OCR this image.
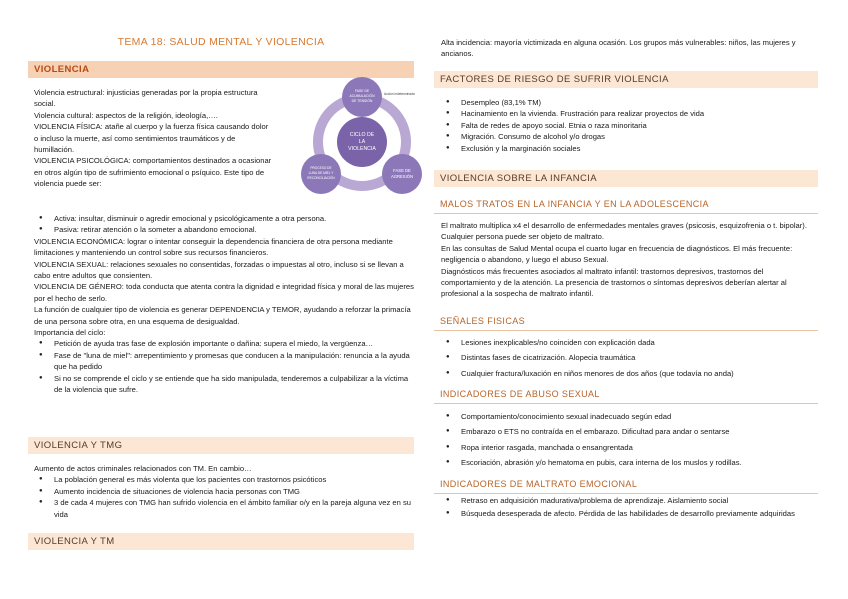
TEMA 18: SALUD MENTAL Y VIOLENCIA
VIOLENCIA

Violencia estructural: injusticias generadas por la propia estructura social.

Violencia cultural: aspectos de la religión, ideología,….

VIOLENCIA FÍSICA: atañe al cuerpo y la fuerza física causando dolor o incluso la muerte, así como sentimientos traumáticos y de humillación.

VIOLENCIA PSICOLÓGICA: comportamientos destinados a ocasionar en otros algún tipo de sufrimiento emocional o psíquico. Este tipo de violencia puede ser:

● Activa: insultar, disminuir o agredir emocional y psicológicamente a otra persona.
● Pasiva: retirar atención o la someter a abandono emocional.

VIOLENCIA ECONÓMICA: lograr o intentar conseguir la dependencia financiera de otra persona mediante limitaciones y manteniendo un control sobre sus recursos financieros.

VIOLENCIA SEXUAL: relaciones sexuales no consentidas, forzadas o impuestas al otro, incluso si se llevan a cabo entre adultos que consienten.

VIOLENCIA DE GÉNERO: toda conducta que atenta contra la dignidad e integridad física y moral de las mujeres por el hecho de serlo.

La función de cualquier tipo de violencia es generar DEPENDENCIA y TEMOR, ayudando a reforzar la primacía de una persona sobre otra, en una esquema de desigualdad.

Importancia del ciclo:

● Petición de ayuda tras fase de explosión importante o dañina: supera el miedo, la vergüenza…
● Fase de "luna de miel": arrepentimiento y promesas que conducen a la manipulación: renuncia a la ayuda que ha pedido
● Si no se comprende el ciclo y se entiende que ha sido manipulada, tenderemos a culpabilizar a la víctima de la violencia que sufre.
CICLO DE
LA
VIOLENCIA
FASE DE
ACUMULACIÓN
DE TENSIÓN
FASE DE
AGRESIÓN
PROCESO DE
LUNA DE MIEL Y
RECONCILIACIÓN
Acción indeterminada
VIOLENCIA Y TMG

Aumento de actos criminales relacionados con TM. En cambio…

● La población general es más violenta que los pacientes con trastornos psicóticos
● Aumento incidencia de situaciones de violencia hacia personas con TMG
● 3 de cada 4 mujeres con TMG han sufrido violencia en el ámbito familiar o/y en la pareja alguna vez en su vida
VIOLENCIA Y TM

Alta incidencia: mayoría victimizada en alguna ocasión. Los grupos más vulnerables: niños, las mujeres y ancianos.

FACTORES DE RIESGO DE SUFRIR VIOLENCIA
● Desempleo (83,1% TM)
● Hacinamiento en la vivienda. Frustración para realizar proyectos de vida
● Falta de redes de apoyo social. Etnia o raza minoritaria
● Migración. Consumo de alcohol y/o drogas
● Exclusión y la marginación sociales
VIOLENCIA SOBRE LA INFANCIA
MALOS TRATOS EN LA INFANCIA Y EN LA ADOLESCENCIA

El maltrato multiplica x4 el desarrollo de enfermedades mentales graves (psicosis, esquizofrenia o t. bipolar). Cualquier persona puede ser objeto de maltrato.

En las consultas de Salud Mental ocupa el cuarto lugar en frecuencia de diagnósticos. El más frecuente: negligencia o abandono, y luego el abuso Sexual.

Diagnósticos más frecuentes asociados al maltrato infantil: trastornos depresivos, trastornos del comportamiento y de la atención. La presencia de trastornos o síntomas depresivos deberían alertar al profesional a la sospecha de maltrato infantil.

SEÑALES FISICAS
● Lesiones inexplicables/no coinciden con explicación dada
● Distintas fases de cicatrización. Alopecia traumática
● Cualquier fractura/luxación en niños menores de dos años (que todavía no anda)
INDICADORES DE ABUSO SEXUAL
● Comportamiento/conocimiento sexual inadecuado según edad
● Embarazo o ETS no contraída en el embarazo. Dificultad para andar o sentarse
● Ropa interior rasgada, manchada o ensangrentada
● Escoriación, abrasión y/o hematoma en pubis, cara interna de los muslos y rodillas.
INDICADORES DE MALTRATO EMOCIONAL
● Retraso en adquisición madurativa/problema de aprendizaje. Aislamiento social
● Búsqueda desesperada de afecto. Pérdida de las habilidades de desarrollo previamente adquiridas
